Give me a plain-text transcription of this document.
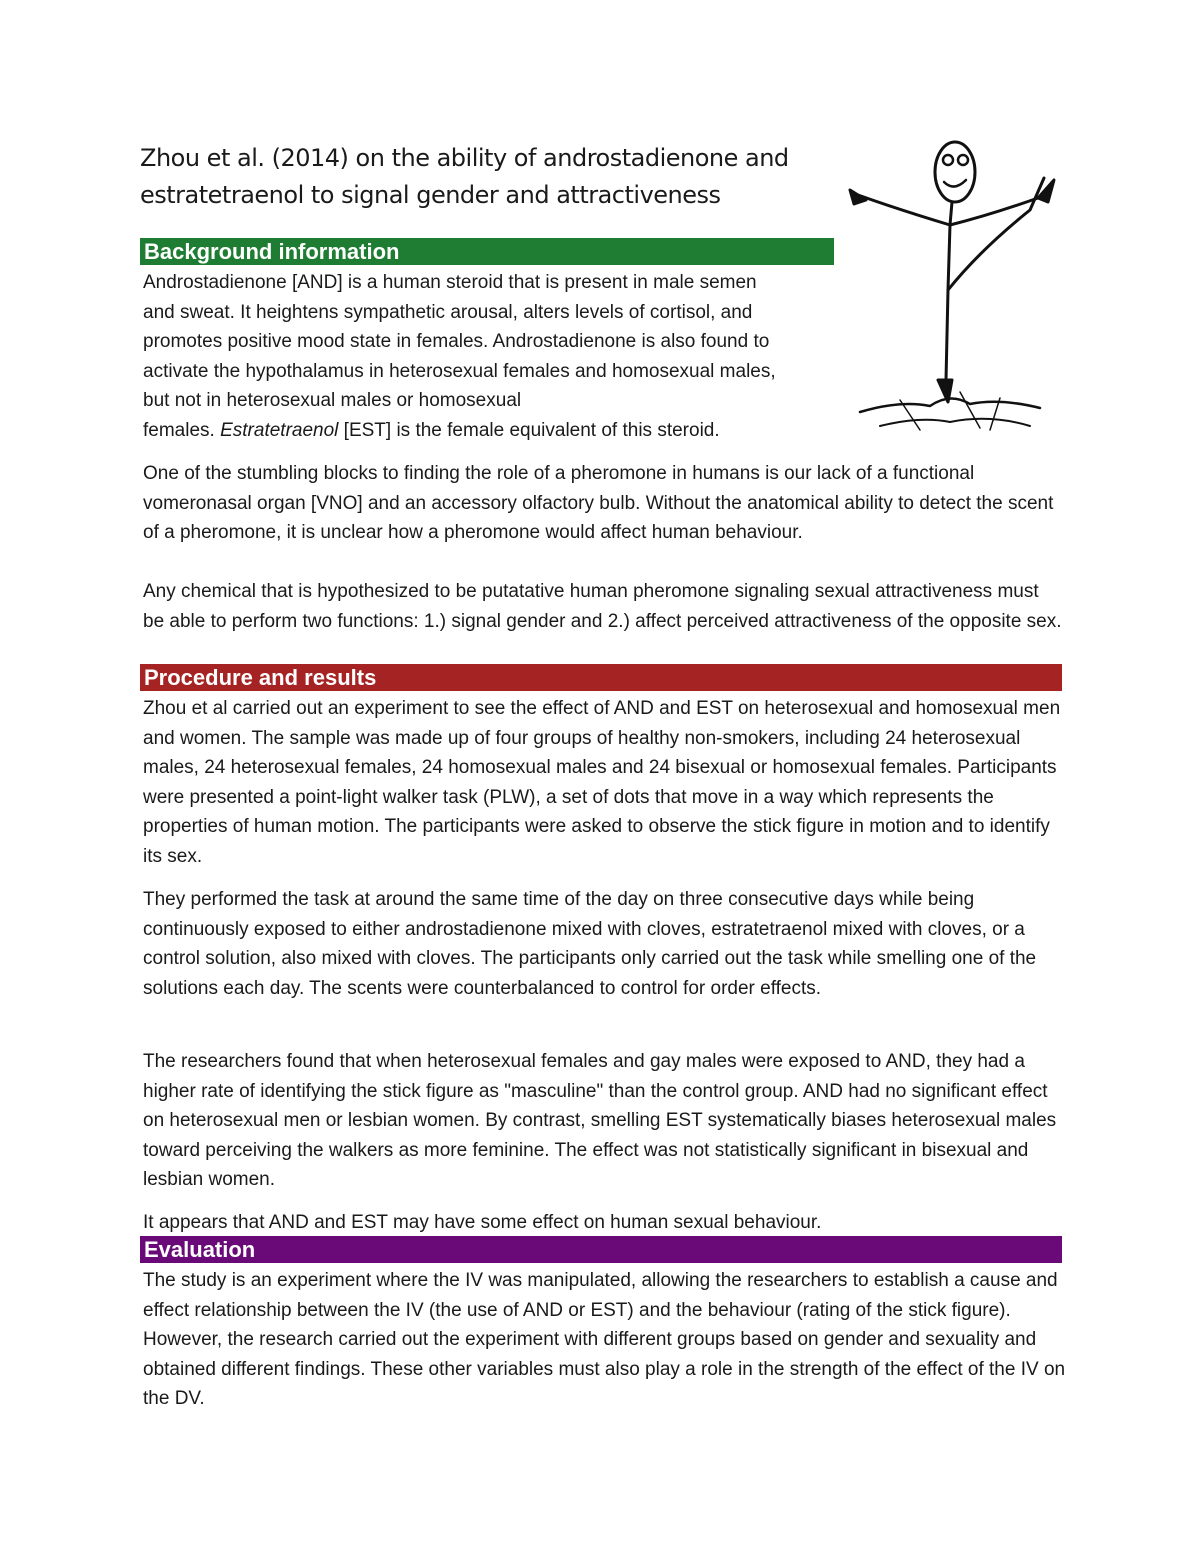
Zhou et al. (2014) on the ability of androstadienone and
estratetraenol to signal gender and attractiveness
Background information

Androstadienone [AND] is a human steroid that is present in male semen

and sweat. It heightens sympathetic arousal, alters levels of cortisol, and

promotes positive mood state in females. Androstadienone is also found to

activate the hypothalamus in heterosexual females and homosexual males,

but not in heterosexual males or homosexual

females. Estratetraenol [EST] is the female equivalent of this steroid.

One of the stumbling blocks to finding the role of a pheromone in humans is our lack of a functional vomeronasal organ [VNO] and an accessory olfactory bulb. Without the anatomical ability to detect the scent of a pheromone, it is unclear how a pheromone would affect human behaviour.

Any chemical that is hypothesized to be putatative human pheromone signaling sexual attractiveness must be able to perform two functions: 1.) signal gender and 2.) affect perceived attractiveness of the opposite sex.

Procedure and results

Zhou et al carried out an experiment to see the effect of AND and EST on heterosexual and homosexual men and women. The sample was made up of four groups of healthy non-smokers, including 24 heterosexual males, 24 heterosexual females, 24 homosexual males and 24 bisexual or homosexual females. Participants were presented a point-light walker task (PLW), a set of dots that move in a way which represents the properties of human motion. The participants were asked to observe the stick figure in motion and to identify its sex.

They performed the task at around the same time of the day on three consecutive days while being continuously exposed to either androstadienone mixed with cloves, estratetraenol mixed with cloves, or a control solution, also mixed with cloves. The participants only carried out the task while smelling one of the solutions each day. The scents were counterbalanced to control for order effects.

The researchers found that when heterosexual females and gay males were exposed to AND, they had a higher rate of identifying the stick figure as "masculine" than the control group. AND had no significant effect on heterosexual men or lesbian women. By contrast, smelling EST systematically biases heterosexual males toward perceiving the walkers as more feminine. The effect was not statistically significant in bisexual and lesbian women.

It appears that AND and EST may have some effect on human sexual behaviour.

Evaluation

The study is an experiment where the IV was manipulated, allowing the researchers to establish a cause and effect relationship between the IV (the use of AND or EST) and the behaviour (rating of the stick figure). However, the research carried out the experiment with different groups based on gender and sexuality and obtained different findings. These other variables must also play a role in the strength of the effect of the IV on the DV.
